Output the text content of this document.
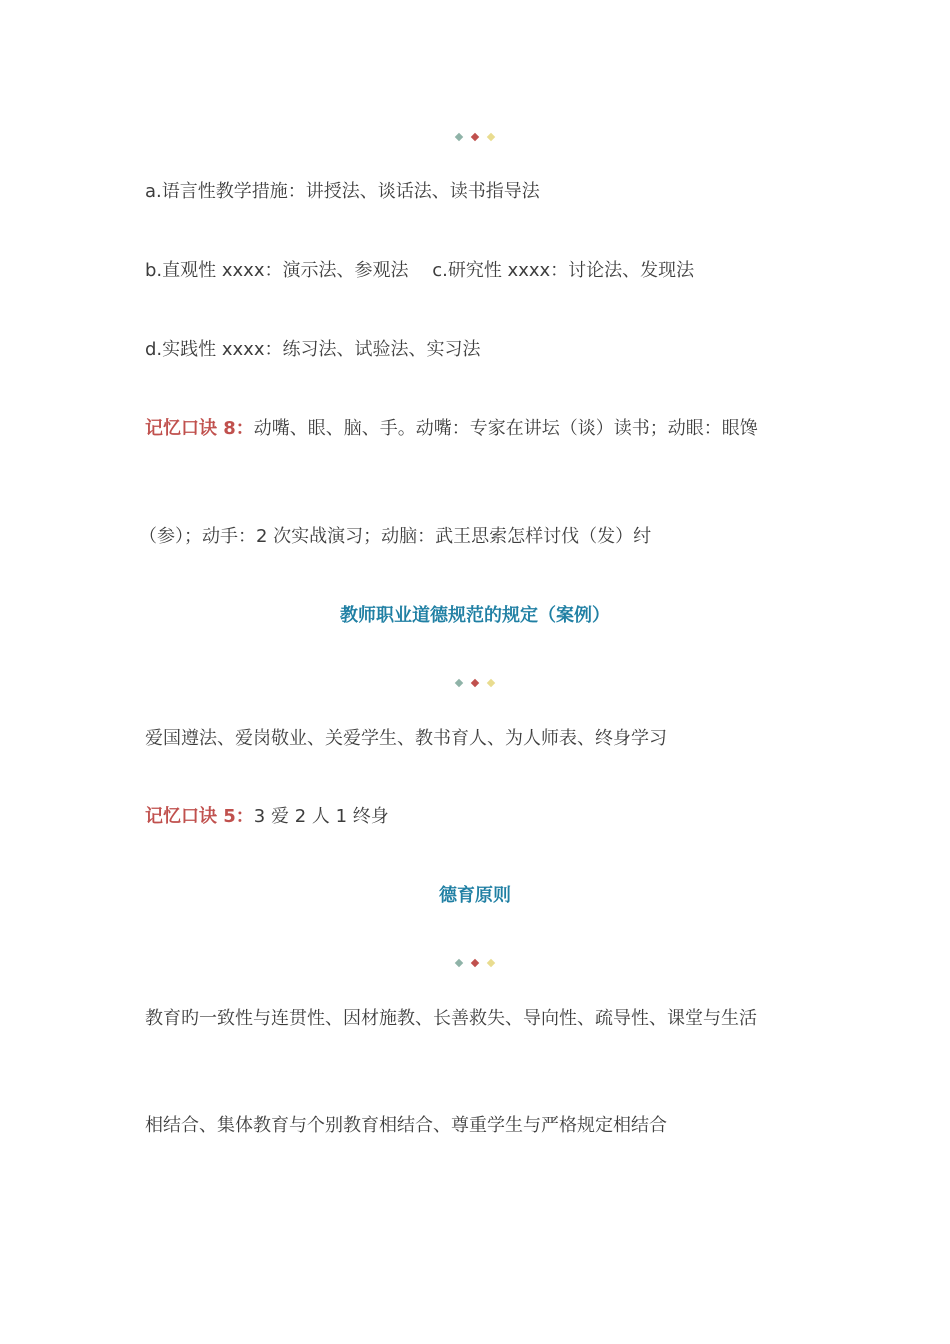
a.语言性教学措施：讲授法、谈话法、读书指导法
b.直观性 xxxx：演示法、参观法　 c.研究性 xxxx：讨论法、发现法
d.实践性 xxxx：练习法、试验法、实习法
记忆口诀 8：动嘴、眼、脑、手。动嘴：专家在讲坛（谈）读书；动眼：眼馋
（参）；动手：2 次实战演习；动脑：武王思索怎样讨伐（发）纣
教师职业道德规范的规定（案例）
爱国遵法、爱岗敬业、关爱学生、教书育人、为人师表、终身学习
记忆口诀 5：3 爱 2 人 1 终身
德育原则
教育旳一致性与连贯性、因材施教、长善救失、导向性、疏导性、课堂与生活
相结合、集体教育与个别教育相结合、尊重学生与严格规定相结合
